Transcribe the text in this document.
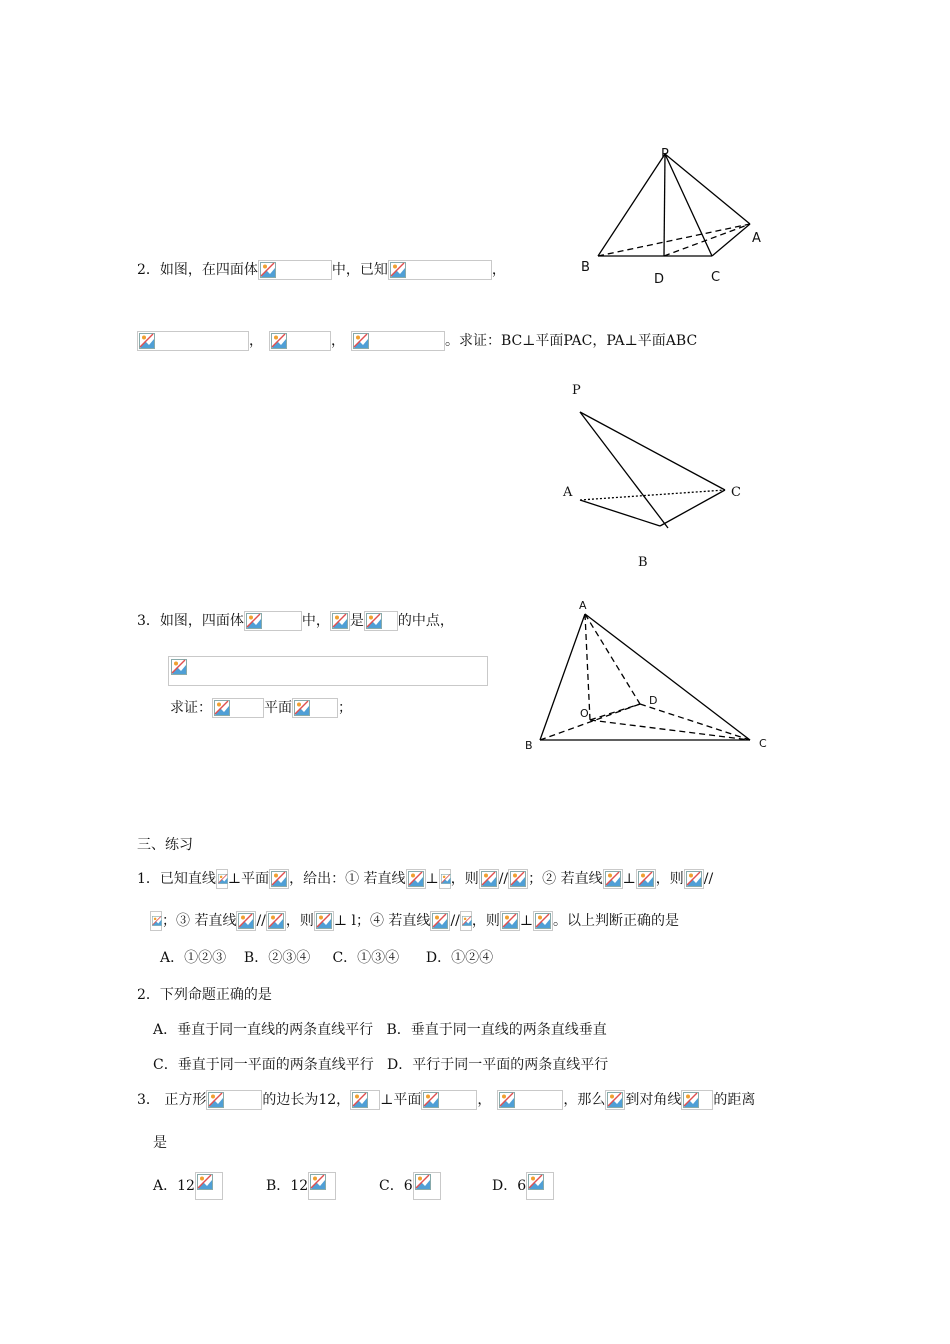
P
A
B
D	C
2．如图，在四面体	中，已知	，
，	，	。求证：BC⊥平面PAC，PA⊥平面ABC
P
A	C
B
3．如图，四面体	中， 是 的中点，
求证：	平面	；
A
D
O
B	C
三、练习
1．已知直线 ⊥平面 ，给出：① 若直线 ⊥ ，则 // ；② 若直线 ⊥ ，则 //
；③ 若直线 // ，则 ⊥ l；④ 若直线 // ，则 ⊥ 。以上判断正确的是
A．①②③    B．②③④     C．①③④      D．①②④
2．下列命题正确的是
A．垂直于同一直线的两条直线平行   B．垂直于同一直线的两条直线垂直
C．垂直于同一平面的两条直线平行   D．平行于同一平面的两条直线平行
3． 正方形	的边长为12， ⊥平面	，	，那么 到对角线 的距离
是
A．12	B．12	C．6	D．6
